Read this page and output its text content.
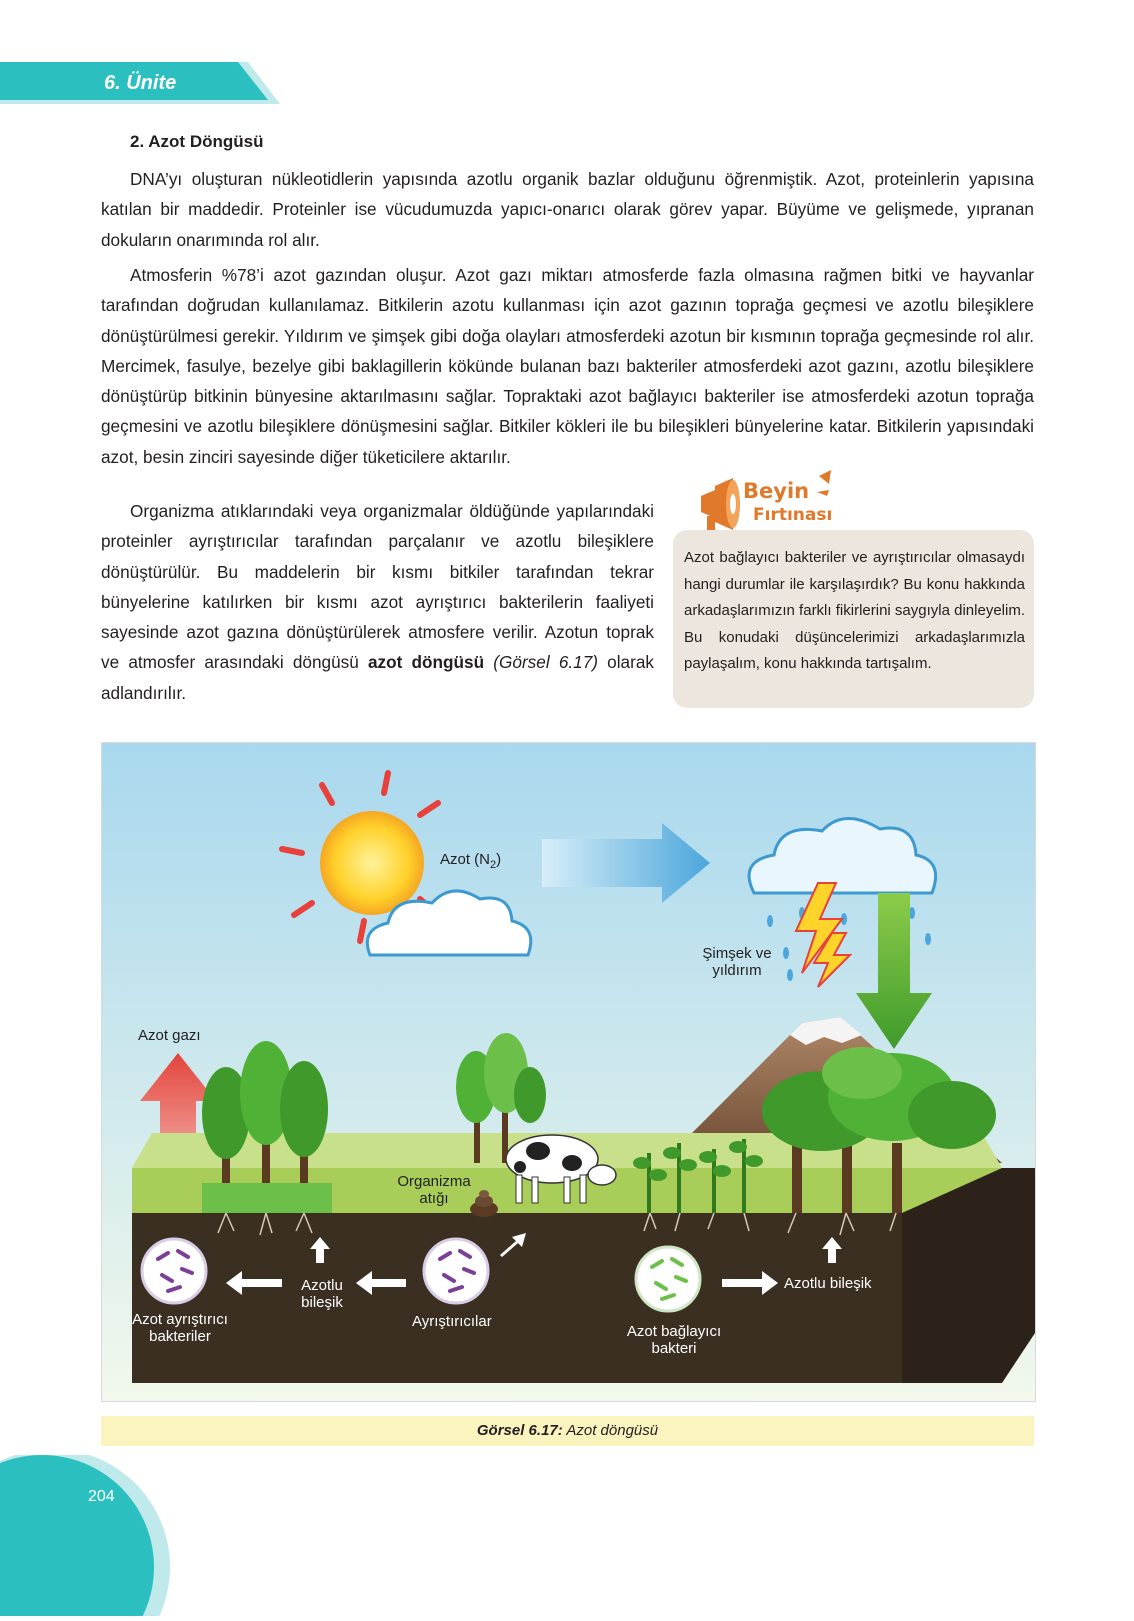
6. Ünite
2. Azot Döngüsü

DNA’yı oluşturan nükleotidlerin yapısında azotlu organik bazlar olduğunu öğrenmiştik. Azot, proteinlerin yapısına katılan bir maddedir. Proteinler ise vücudumuzda yapıcı-onarıcı olarak görev yapar. Büyüme ve gelişmede, yıpranan dokuların onarımında rol alır.

Atmosferin %78’i azot gazından oluşur. Azot gazı miktarı atmosferde fazla olmasına rağmen bitki ve hayvanlar tarafından doğrudan kullanılamaz. Bitkilerin azotu kullanması için azot gazının toprağa geçmesi ve azotlu bileşiklere dönüştürülmesi gerekir. Yıldırım ve şimşek gibi doğa olayları atmosferdeki azotun bir kısmının toprağa geçmesinde rol alır. Mercimek, fasulye, bezelye gibi baklagillerin kökünde bulanan bazı bakteriler atmosferdeki azot gazını, azotlu bileşiklere dönüştürüp bitkinin bünyesine aktarılmasını sağlar. Topraktaki azot bağlayıcı bakteriler ise atmosferdeki azotun toprağa geçmesini ve azotlu bileşiklere dönüşmesini sağlar. Bitkiler kökleri ile bu bileşikleri bünyelerine katar. Bitkilerin yapısındaki azot, besin zinciri sayesinde diğer tüketicilere aktarılır.

Organizma atıklarındaki veya organizmalar öldüğünde yapılarındaki proteinler ayrıştırıcılar tarafından parçalanır ve azotlu bileşiklere dönüştürülür. Bu maddelerin bir kısmı bitkiler tarafından tekrar bünyelerine katılırken bir kısmı azot ayrıştırıcı bakterilerin faaliyeti sayesinde azot gazına dönüştürülerek atmosfere verilir. Azotun toprak ve atmosfer arasındaki döngüsü azot döngüsü (Görsel 6.17) olarak adlandırılır.

Beyin
Fırtınası

Azot bağlayıcı bakteriler ve ayrıştırıcılar olmasaydı hangi durumlar ile karşılaşırdık? Bu konu hakkında arkadaşlarımızın farklı fikirlerini saygıyla dinleyelim. Bu konudaki düşüncelerimizi arkadaşlarımızla paylaşalım, konu hakkında tartışalım.

Azot $(N_2)$
Şimşek ve
yıldırım
Azot gazı
Organizma
atığı
Azotlu
bileşik
Azotlu bileşik
Azot ayrıştırıcı
bakteriler
Ayrıştırıcılar
Azot bağlayıcı
bakteri
Görsel 6.17: Azot döngüsü
204
